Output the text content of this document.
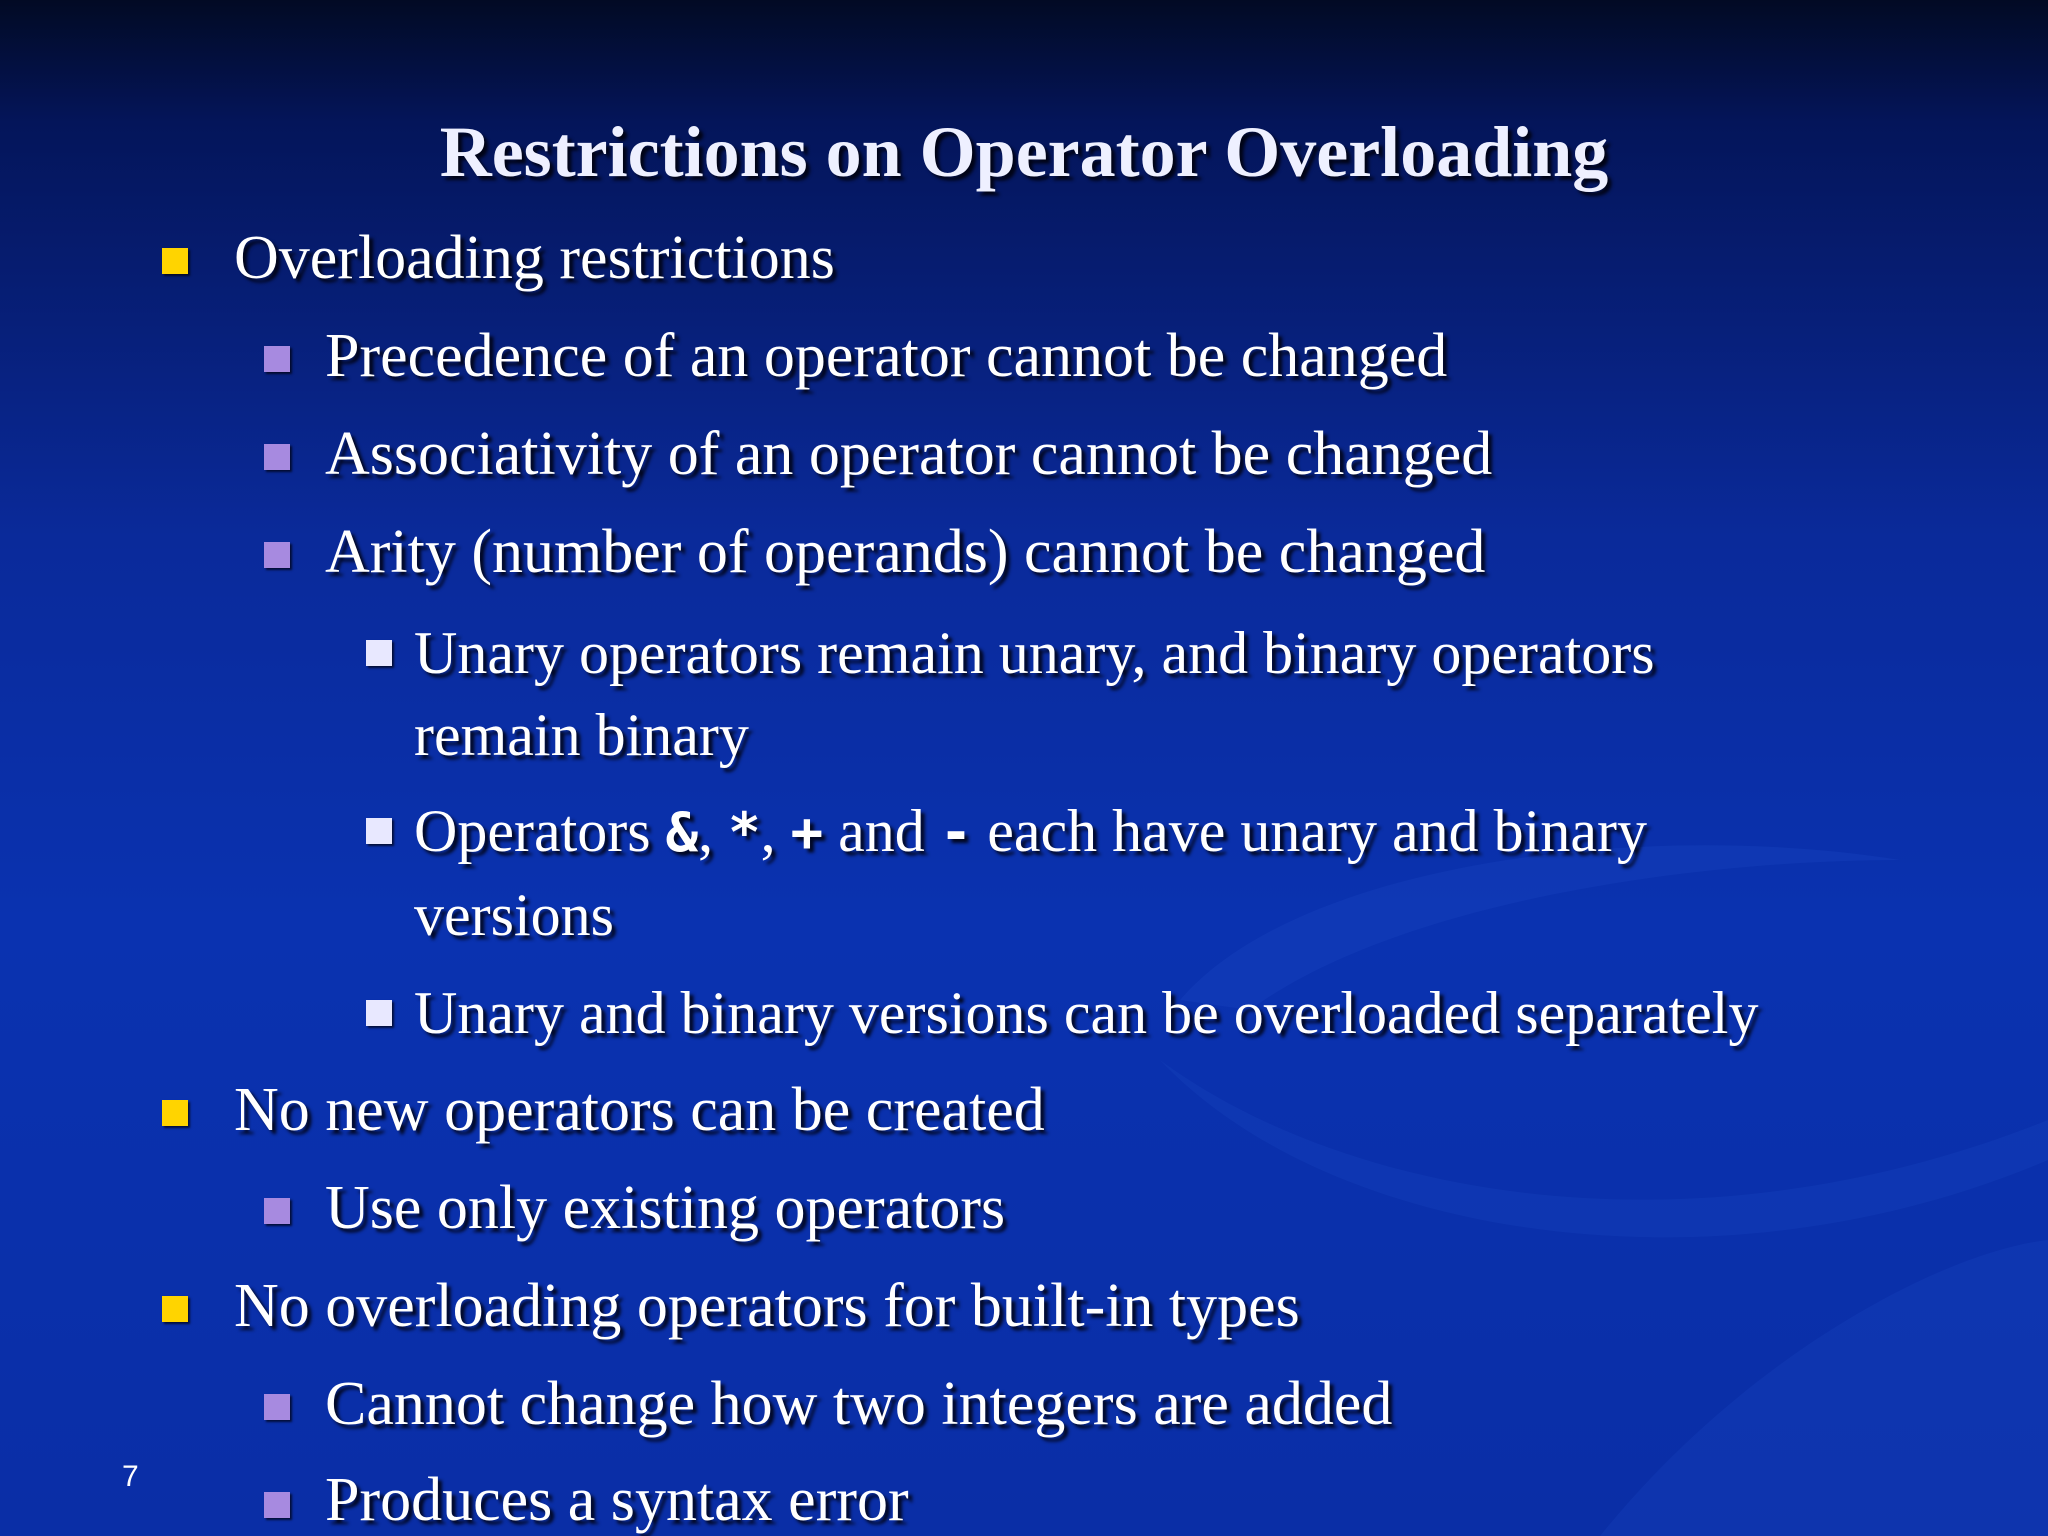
Restrictions on Operator Overloading
Overloading restrictions
Precedence of an operator cannot be changed
Associativity of an operator cannot be changed
Arity (number of operands) cannot be changed
Unary operators remain unary, and binary operators
remain binary
Operators &, *, + and - each have unary and binary
versions
Unary and binary versions can be overloaded separately
No new operators can be created
Use only existing operators
No overloading operators for built-in types
Cannot change how two integers are added
Produces a syntax error
7
